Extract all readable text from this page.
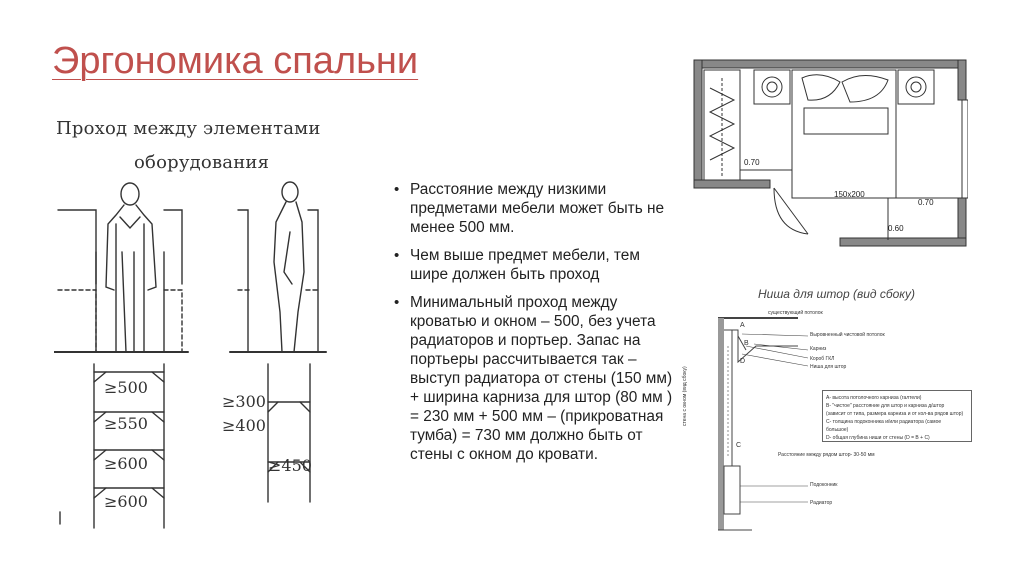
Эргономика спальни
Проход между элементами
оборудования
≥500
≥550
≥600
≥600
≥300
≥400
≥450
• Расстояние между низкими предметами мебели может быть не менее 500 мм.
• Чем выше предмет мебели, тем шире должен быть проход
• Минимальный проход между кроватью и окном – 500, без учета радиаторов и портьер. Запас на портьеры рассчитывается так – выступ радиатора от стены (150 мм) + ширина карниза для штор (80 мм ) = 230 мм + 500 мм – (прикроватная тумба) = 730 мм должно быть от стены с окном до кровати.
0.70
150x200
0.70
0.60
Ниша для штор (вид сбоку)
существующий потолок
Выровненный чистовой потолок
Карниз
Короб ГКЛ
Ниша для штор
Подоконник
Радиатор
Расстояние между рядом штор- 30-50 мм
стена с окном (вид сбоку)
A
B
C
D
A- высота потолочного карниза (галтели)
B- "чистое" расстояние для штор и карниза д/штор
(зависит от типа, размера карниза и от кол-ва рядов штор)
C- толщина подоконника и/или радиатора (самое
большое)
D- общая глубина ниши от стены (D = B + C)
